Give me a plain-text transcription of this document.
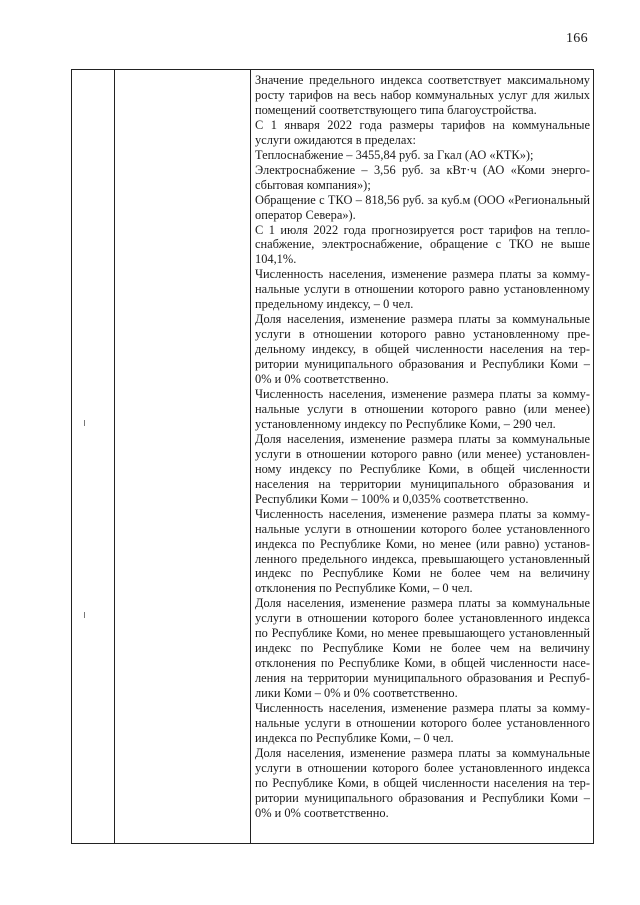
166

Значение предельного индекса соответствует максимальному росту тарифов на весь набор коммунальных услуг для жилых помещений соответствующего типа благоустройства.

С 1 января 2022 года размеры тарифов на коммунальные услуги ожидаются в пределах:

Теплоснабжение – 3455,84 руб. за Гкал (АО «КТК»);

Электроснабжение – 3,56 руб. за кВт·ч (АО «Коми энергосбытовая компания»);

Обращение с ТКО – 818,56 руб. за куб.м (ООО «Региональный оператор Севера»).

С 1 июля 2022 года прогнозируется рост тарифов на теплоснабжение, электроснабжение, обращение с ТКО не выше 104,1%.

Численность населения, изменение размера платы за коммунальные услуги в отношении которого равно установленному предельному индексу, – 0 чел.

Доля населения, изменение размера платы за коммунальные услуги в отношении которого равно установленному предельному индексу, в общей численности населения на территории муниципального образования и Республики Коми – 0% и 0% соответственно.

Численность населения, изменение размера платы за коммунальные услуги в отношении которого равно (или менее) установленному индексу по Республике Коми, – 290 чел.

Доля населения, изменение размера платы за коммунальные услуги в отношении которого равно (или менее) установленному индексу по Республике Коми, в общей численности населения на территории муниципального образования и Республики Коми – 100% и 0,035% соответственно.

Численность населения, изменение размера платы за коммунальные услуги в отношении которого более установленного индекса по Республике Коми, но менее (или равно) установленного предельного индекса, превышающего установленный индекс по Республике Коми не более чем на величину отклонения по Республике Коми, – 0 чел.

Доля населения, изменение размера платы за коммунальные услуги в отношении которого более установленного индекса по Республике Коми, но менее превышающего установленный индекс по Республике Коми не более чем на величину отклонения по Республике Коми, в общей численности населения на территории муниципального образования и Республики Коми – 0% и 0% соответственно.

Численность населения, изменение размера платы за коммунальные услуги в отношении которого более установленного индекса по Республике Коми, – 0 чел.

Доля населения, изменение размера платы за коммунальные услуги в отношении которого более установленного индекса по Республике Коми, в общей численности населения на территории муниципального образования и Республики Коми – 0% и 0% соответственно.
